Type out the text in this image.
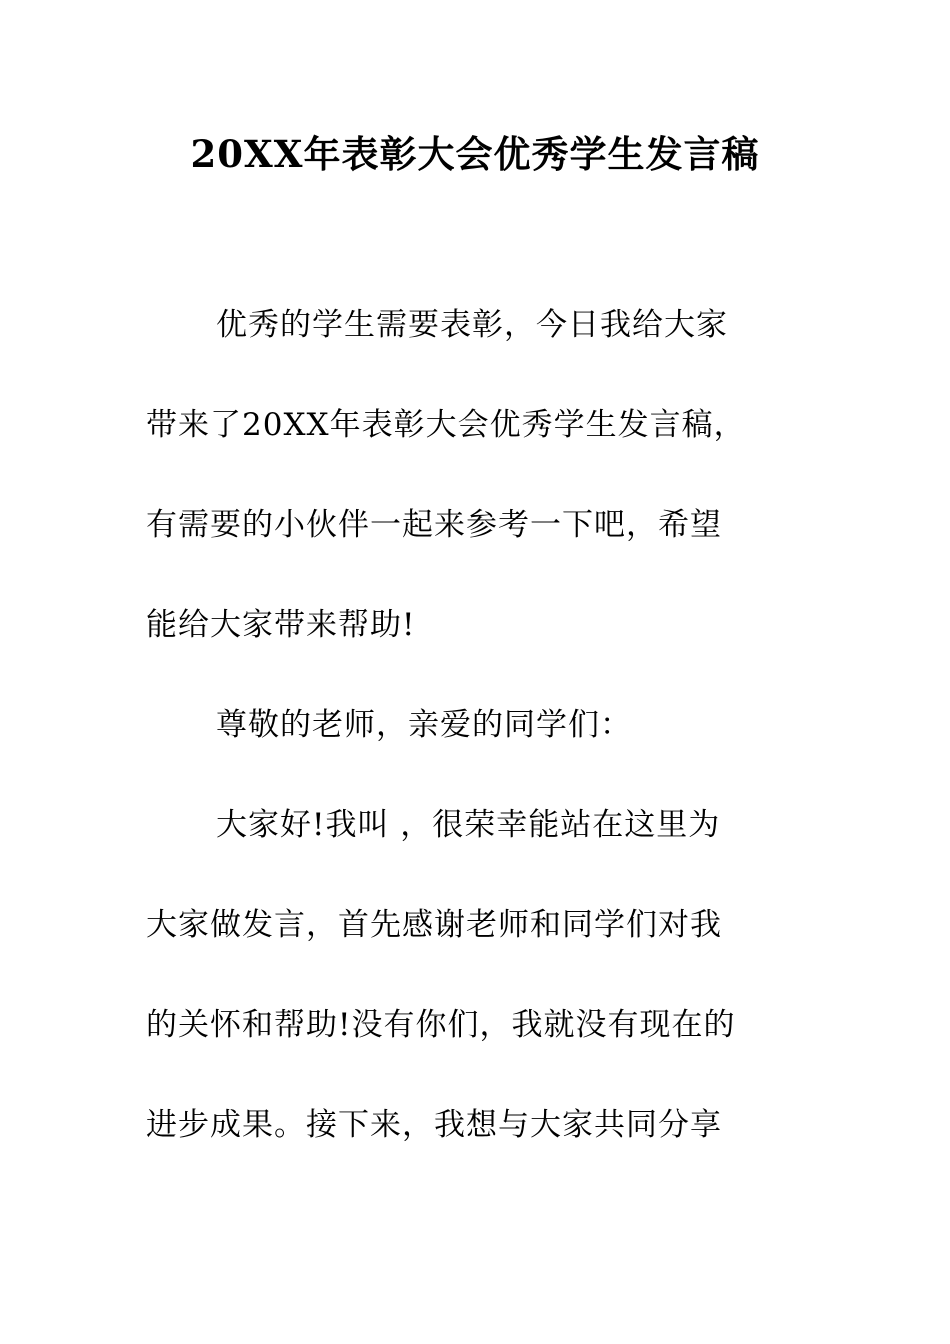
20XX年表彰大会优秀学生发言稿
优秀的学生需要表彰，今日我给大家
带来了20XX年表彰大会优秀学生发言稿，
有需要的小伙伴一起来参考一下吧，希望
能给大家带来帮助!
尊敬的老师，亲爱的同学们：
大家好!我叫 ，很荣幸能站在这里为
大家做发言，首先感谢老师和同学们对我
的关怀和帮助!没有你们，我就没有现在的
进步成果。接下来，我想与大家共同分享
